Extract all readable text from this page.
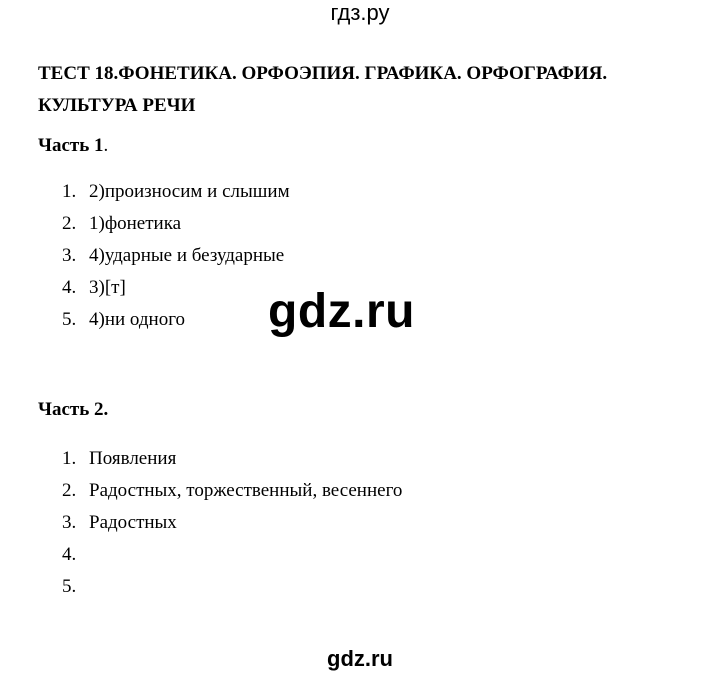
гдз.ру
ТЕСТ 18.ФОНЕТИКА. ОРФОЭПИЯ. ГРАФИКА. ОРФОГРАФИЯ. КУЛЬТУРА РЕЧИ
Часть 1.
1. 2)произносим и слышим
2. 1)фонетика
3. 4)ударные и безударные
4. 3)[т]
5. 4)ни одного gdz.ru
Часть 2.
1. Появления
2. Радостных, торжественный, весеннего
3. Радостных
4.
5.
gdz.ru
